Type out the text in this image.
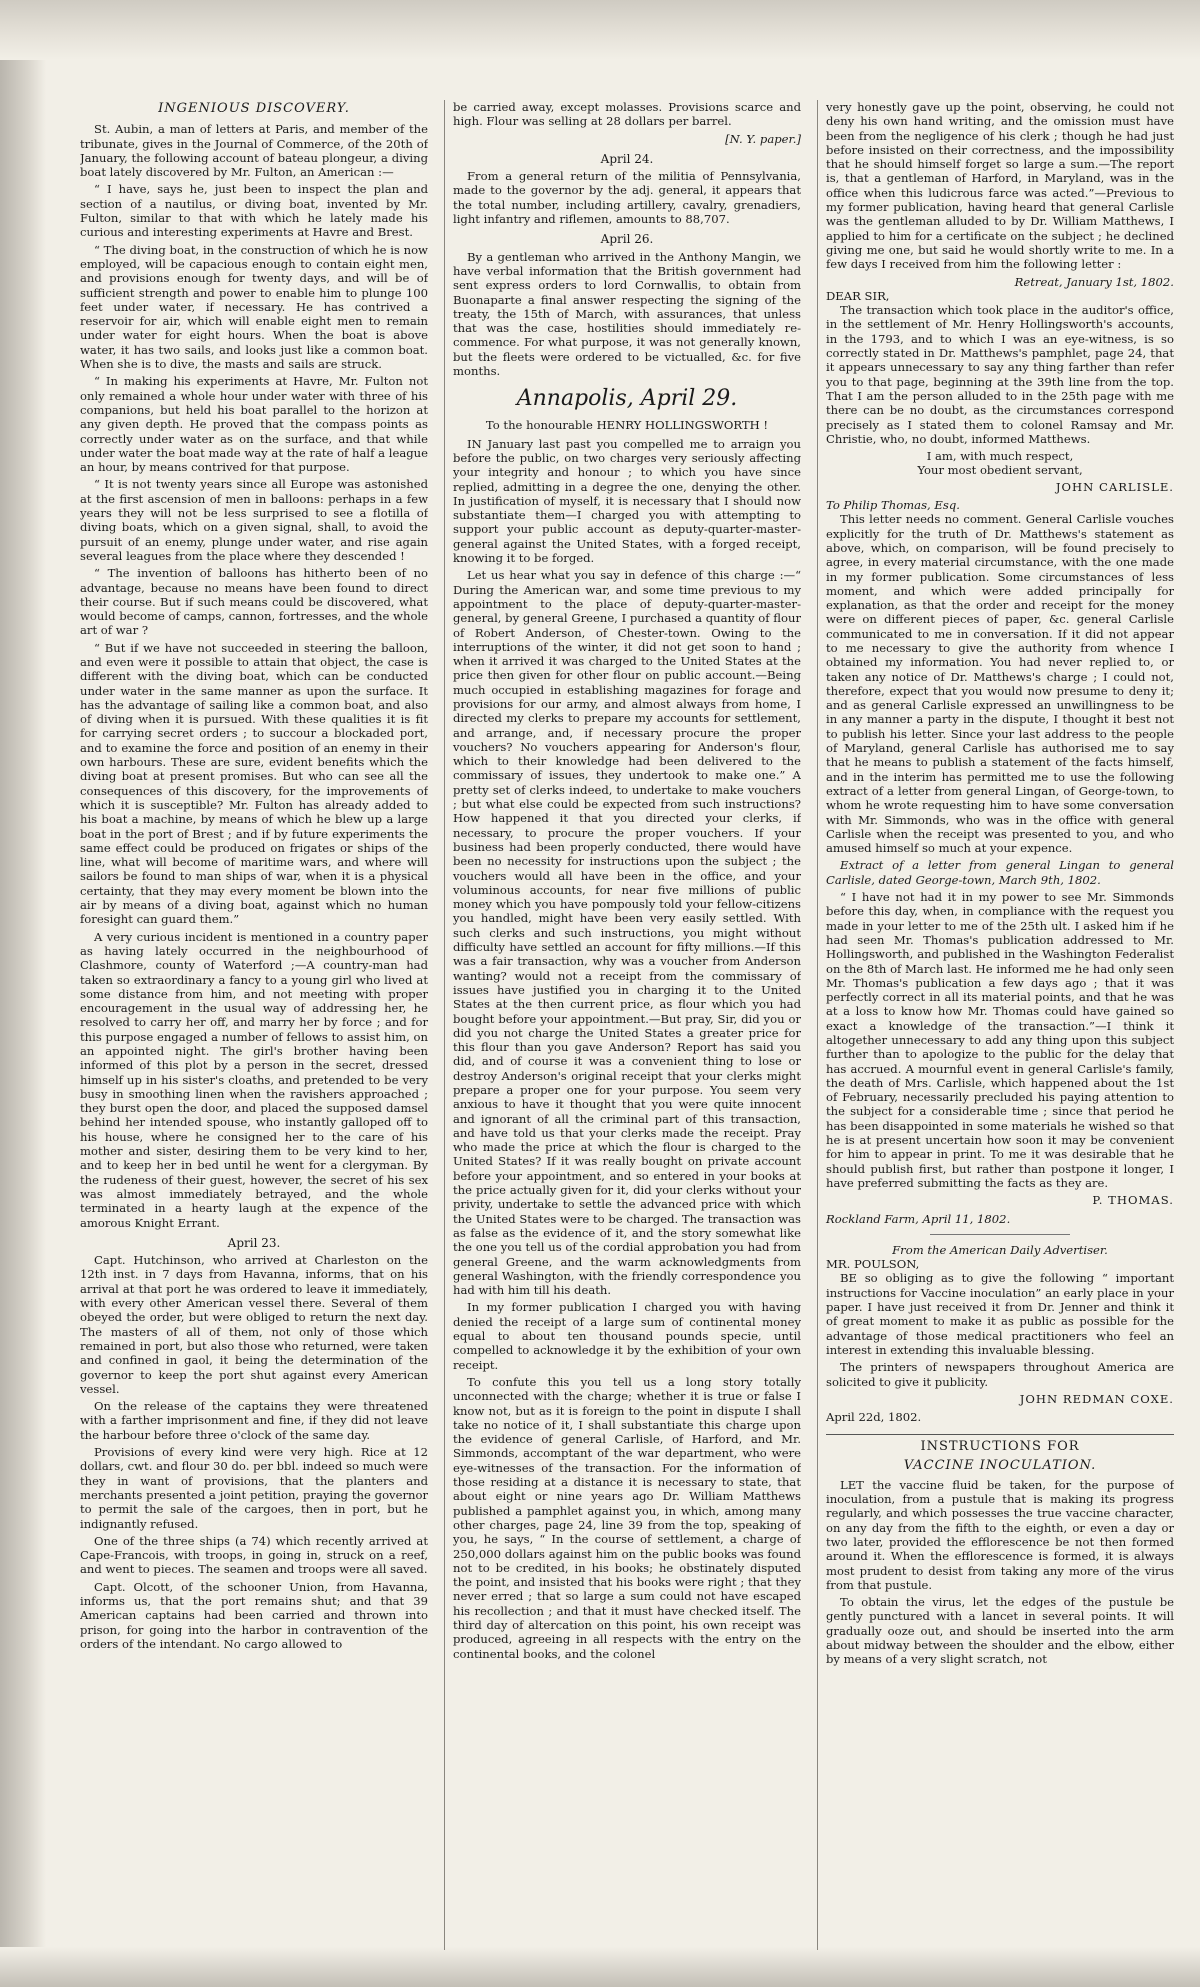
INGENIOUS DISCOVERY.

St. Aubin, a man of letters at Paris, and member of the tribunate, gives in the Journal of Commerce, of the 20th of January, the following account of bateau plongeur, a diving boat lately discovered by Mr. Fulton, an American :—

“ I have, says he, just been to inspect the plan and section of a nautilus, or diving boat, invented by Mr. Fulton, similar to that with which he lately made his curious and interesting experiments at Havre and Brest.

“ The diving boat, in the construction of which he is now employed, will be capacious enough to contain eight men, and provisions enough for twenty days, and will be of sufficient strength and power to enable him to plunge 100 feet under water, if necessary. He has contrived a reservoir for air, which will enable eight men to remain under water for eight hours. When the boat is above water, it has two sails, and looks just like a common boat. When she is to dive, the masts and sails are struck.

“ In making his experiments at Havre, Mr. Fulton not only remained a whole hour under water with three of his companions, but held his boat parallel to the horizon at any given depth. He proved that the compass points as correctly under water as on the surface, and that while under water the boat made way at the rate of half a league an hour, by means contrived for that purpose.

“ It is not twenty years since all Europe was astonished at the first ascension of men in balloons: perhaps in a few years they will not be less surprised to see a flotilla of diving boats, which on a given signal, shall, to avoid the pursuit of an enemy, plunge under water, and rise again several leagues from the place where they descended !

“ The invention of balloons has hitherto been of no advantage, because no means have been found to direct their course. But if such means could be discovered, what would become of camps, cannon, fortresses, and the whole art of war ?

“ But if we have not succeeded in steering the balloon, and even were it possible to attain that object, the case is different with the diving boat, which can be conducted under water in the same manner as upon the surface. It has the advantage of sailing like a common boat, and also of diving when it is pursued. With these qualities it is fit for carrying secret orders ; to succour a blockaded port, and to examine the force and position of an enemy in their own harbours. These are sure, evident benefits which the diving boat at present promises. But who can see all the consequences of this discovery, for the improvements of which it is susceptible? Mr. Fulton has already added to his boat a machine, by means of which he blew up a large boat in the port of Brest ; and if by future experiments the same effect could be produced on frigates or ships of the line, what will become of maritime wars, and where will sailors be found to man ships of war, when it is a physical certainty, that they may every moment be blown into the air by means of a diving boat, against which no human foresight can guard them.”

A very curious incident is mentioned in a country paper as having lately occurred in the neighbourhood of Clashmore, county of Waterford ;—A country-man had taken so extraordinary a fancy to a young girl who lived at some distance from him, and not meeting with proper encouragement in the usual way of addressing her, he resolved to carry her off, and marry her by force ; and for this purpose engaged a number of fellows to assist him, on an appointed night. The girl's brother having been informed of this plot by a person in the secret, dressed himself up in his sister's cloaths, and pretended to be very busy in smoothing linen when the ravishers approached ; they burst open the door, and placed the supposed damsel behind her intended spouse, who instantly galloped off to his house, where he consigned her to the care of his mother and sister, desiring them to be very kind to her, and to keep her in bed until he went for a clergyman. By the rudeness of their guest, however, the secret of his sex was almost immediately betrayed, and the whole terminated in a hearty laugh at the expence of the amorous Knight Errant.

April 23.

Capt. Hutchinson, who arrived at Charleston on the 12th inst. in 7 days from Havanna, informs, that on his arrival at that port he was ordered to leave it immediately, with every other American vessel there. Several of them obeyed the order, but were obliged to return the next day. The masters of all of them, not only of those which remained in port, but also those who returned, were taken and confined in gaol, it being the determination of the governor to keep the port shut against every American vessel.

On the release of the captains they were threatened with a farther imprisonment and fine, if they did not leave the harbour before three o'clock of the same day.

Provisions of every kind were very high. Rice at 12 dollars, cwt. and flour 30 do. per bbl. indeed so much were they in want of provisions, that the planters and merchants presented a joint petition, praying the governor to permit the sale of the cargoes, then in port, but he indignantly refused.

One of the three ships (a 74) which recently arrived at Cape-Francois, with troops, in going in, struck on a reef, and went to pieces. The seamen and troops were all saved.

Capt. Olcott, of the schooner Union, from Havanna, informs us, that the port remains shut; and that 39 American captains had been carried and thrown into prison, for going into the harbor in contravention of the orders of the intendant. No cargo allowed to

be carried away, except molasses. Provisions scarce and high. Flour was selling at 28 dollars per barrel.

[N. Y. paper.]
April 24.

From a general return of the militia of Pennsylvania, made to the governor by the adj. general, it appears that the total number, including artillery, cavalry, grenadiers, light infantry and riflemen, amounts to 88,707.

April 26.

By a gentleman who arrived in the Anthony Mangin, we have verbal information that the British government had sent express orders to lord Cornwallis, to obtain from Buonaparte a final answer respecting the signing of the treaty, the 15th of March, with assurances, that unless that was the case, hostilities should immediately re-commence. For what purpose, it was not generally known, but the fleets were ordered to be victualled, &c. for five months.

Annapolis, April 29.
To the honourable HENRY HOLLINGSWORTH !

IN January last past you compelled me to arraign you before the public, on two charges very seriously affecting your integrity and honour ; to which you have since replied, admitting in a degree the one, denying the other. In justification of myself, it is necessary that I should now substantiate them—I charged you with attempting to support your public account as deputy-quarter-master-general against the United States, with a forged receipt, knowing it to be forged.

Let us hear what you say in defence of this charge :—“ During the American war, and some time previous to my appointment to the place of deputy-quarter-master-general, by general Greene, I purchased a quantity of flour of Robert Anderson, of Chester-town. Owing to the interruptions of the winter, it did not get soon to hand ; when it arrived it was charged to the United States at the price then given for other flour on public account.—Being much occupied in establishing magazines for forage and provisions for our army, and almost always from home, I directed my clerks to prepare my accounts for settlement, and arrange, and, if necessary procure the proper vouchers? No vouchers appearing for Anderson's flour, which to their knowledge had been delivered to the commissary of issues, they undertook to make one.” A pretty set of clerks indeed, to undertake to make vouchers ; but what else could be expected from such instructions? How happened it that you directed your clerks, if necessary, to procure the proper vouchers. If your business had been properly conducted, there would have been no necessity for instructions upon the subject ; the vouchers would all have been in the office, and your voluminous accounts, for near five millions of public money which you have pompously told your fellow-citizens you handled, might have been very easily settled. With such clerks and such instructions, you might without difficulty have settled an account for fifty millions.—If this was a fair transaction, why was a voucher from Anderson wanting? would not a receipt from the commissary of issues have justified you in charging it to the United States at the then current price, as flour which you had bought before your appointment.—But pray, Sir, did you or did you not charge the United States a greater price for this flour than you gave Anderson? Report has said you did, and of course it was a convenient thing to lose or destroy Anderson's original receipt that your clerks might prepare a proper one for your purpose. You seem very anxious to have it thought that you were quite innocent and ignorant of all the criminal part of this transaction, and have told us that your clerks made the receipt. Pray who made the price at which the flour is charged to the United States? If it was really bought on private account before your appointment, and so entered in your books at the price actually given for it, did your clerks without your privity, undertake to settle the advanced price with which the United States were to be charged. The transaction was as false as the evidence of it, and the story somewhat like the one you tell us of the cordial approbation you had from general Greene, and the warm acknowledgments from general Washington, with the friendly correspondence you had with him till his death.

In my former publication I charged you with having denied the receipt of a large sum of continental money equal to about ten thousand pounds specie, until compelled to acknowledge it by the exhibition of your own receipt.

To confute this you tell us a long story totally unconnected with the charge; whether it is true or false I know not, but as it is foreign to the point in dispute I shall take no notice of it, I shall substantiate this charge upon the evidence of general Carlisle, of Harford, and Mr. Simmonds, accomptant of the war department, who were eye-witnesses of the transaction. For the information of those residing at a distance it is necessary to state, that about eight or nine years ago Dr. William Matthews published a pamphlet against you, in which, among many other charges, page 24, line 39 from the top, speaking of you, he says, “ In the course of settlement, a charge of 250,000 dollars against him on the public books was found not to be credited, in his books; he obstinately disputed the point, and insisted that his books were right ; that they never erred ; that so large a sum could not have escaped his recollection ; and that it must have checked itself. The third day of altercation on this point, his own receipt was produced, agreeing in all respects with the entry on the continental books, and the colonel

very honestly gave up the point, observing, he could not deny his own hand writing, and the omission must have been from the negligence of his clerk ; though he had just before insisted on their correctness, and the impossibility that he should himself forget so large a sum.—The report is, that a gentleman of Harford, in Maryland, was in the office when this ludicrous farce was acted.”—Previous to my former publication, having heard that general Carlisle was the gentleman alluded to by Dr. William Matthews, I applied to him for a certificate on the subject ; he declined giving me one, but said he would shortly write to me. In a few days I received from him the following letter :

Retreat, January 1st, 1802.
DEAR SIR,

The transaction which took place in the auditor's office, in the settlement of Mr. Henry Hollingsworth's accounts, in the 1793, and to which I was an eye-witness, is so correctly stated in Dr. Matthews's pamphlet, page 24, that it appears unnecessary to say any thing farther than refer you to that page, beginning at the 39th line from the top. That I am the person alluded to in the 25th page with me there can be no doubt, as the circumstances correspond precisely as I stated them to colonel Ramsay and Mr. Christie, who, no doubt, informed Matthews.

I am, with much respect,
Your most obedient servant,
JOHN CARLISLE.
To Philip Thomas, Esq.

This letter needs no comment. General Carlisle vouches explicitly for the truth of Dr. Matthews's statement as above, which, on comparison, will be found precisely to agree, in every material circumstance, with the one made in my former publication. Some circumstances of less moment, and which were added principally for explanation, as that the order and receipt for the money were on different pieces of paper, &c. general Carlisle communicated to me in conversation. If it did not appear to me necessary to give the authority from whence I obtained my information. You had never replied to, or taken any notice of Dr. Matthews's charge ; I could not, therefore, expect that you would now presume to deny it; and as general Carlisle expressed an unwillingness to be in any manner a party in the dispute, I thought it best not to publish his letter. Since your last address to the people of Maryland, general Carlisle has authorised me to say that he means to publish a statement of the facts himself, and in the interim has permitted me to use the following extract of a letter from general Lingan, of George-town, to whom he wrote requesting him to have some conversation with Mr. Simmonds, who was in the office with general Carlisle when the receipt was presented to you, and who amused himself so much at your expence.

Extract of a letter from general Lingan to general Carlisle, dated George-town, March 9th, 1802.

“ I have not had it in my power to see Mr. Simmonds before this day, when, in compliance with the request you made in your letter to me of the 25th ult. I asked him if he had seen Mr. Thomas's publication addressed to Mr. Hollingsworth, and published in the Washington Federalist on the 8th of March last. He informed me he had only seen Mr. Thomas's publication a few days ago ; that it was perfectly correct in all its material points, and that he was at a loss to know how Mr. Thomas could have gained so exact a knowledge of the transaction.”—I think it altogether unnecessary to add any thing upon this subject further than to apologize to the public for the delay that has accrued. A mournful event in general Carlisle's family, the death of Mrs. Carlisle, which happened about the 1st of February, necessarily precluded his paying attention to the subject for a considerable time ; since that period he has been disappointed in some materials he wished so that he is at present uncertain how soon it may be convenient for him to appear in print. To me it was desirable that he should publish first, but rather than postpone it longer, I have preferred submitting the facts as they are.

P. THOMAS.
Rockland Farm, April 11, 1802.
From the American Daily Advertiser.
MR. POULSON,

BE so obliging as to give the following “ important instructions for Vaccine inoculation” an early place in your paper. I have just received it from Dr. Jenner and think it of great moment to make it as public as possible for the advantage of those medical practitioners who feel an interest in extending this invaluable blessing.

The printers of newspapers throughout America are solicited to give it publicity.

JOHN REDMAN COXE.
April 22d, 1802.
INSTRUCTIONS FOR
VACCINE INOCULATION.

LET the vaccine fluid be taken, for the purpose of inoculation, from a pustule that is making its progress regularly, and which possesses the true vaccine character, on any day from the fifth to the eighth, or even a day or two later, provided the efflorescence be not then formed around it. When the efflorescence is formed, it is always most prudent to desist from taking any more of the virus from that pustule.

To obtain the virus, let the edges of the pustule be gently punctured with a lancet in several points. It will gradually ooze out, and should be inserted into the arm about midway between the shoulder and the elbow, either by means of a very slight scratch, not
